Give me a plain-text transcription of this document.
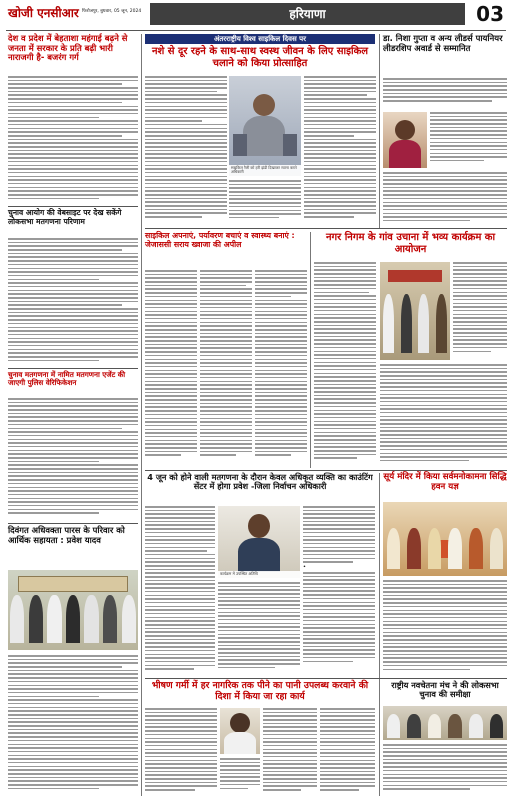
खोजी एनसीआर फिरोजपुर, बुधवार, 05 जून, 2024	हरियाणा	03
देश व प्रदेश में बेहताशा महंगाई बढ़ने से जनता में सरकार के प्रति बढ़ी भारी नाराजगी है- बजरंग गर्ग
चुनाव आयोग की वेबसाइट पर देख सकेंगे लोकसभा मतगणना परिणाम
चुनाव मतगणना में नामित मतगणना एजेंट की जाएगी पुलिस वेरिफिकेशन
दिवंगत अधिवक्ता पारस के परिवार को आर्थिक सहायता : प्रवेश यादव
अंतरराष्ट्रीय विश्व साइकिल दिवस पर
नशे से दूर रहने के साथ-साथ स्वस्थ जीवन के लिए साइकिल चलाने को किया प्रोत्साहित
साइकिल रैली को हरी झंडी दिखाकर रवाना करते अधिकारी
डा. निशा गुप्ता व अन्य लीडर्स पायनियर लीडरशिप अवार्ड से सम्मानित
साइकिल अपनाएं, पर्यावरण बचाएं व स्वास्थ्य बनाएं : जेजाससी सराय ख्वाजा की अपील
नगर निगम के गांव उचाना में भव्य कार्यक्रम का आयोजन
4 जून को होने वाली मतगणना के दौरान केवल अधिकृत व्यक्ति का काउंटिंग सेंटर में होगा प्रवेश -जिला निर्वाचन अधिकारी
कार्यक्रम में उपस्थित अतिथि
•
सूर्य मंदिर में किया सर्वमनोकामना सिद्धि हवन यज्ञ
भीषण गर्मी में हर नागरिक तक पीने का पानी उपलब्ध करवाने की दिशा में किया जा रहा कार्य
राष्ट्रीय नवचेतना मंच ने की लोकसभा चुनाव की समीक्षा
